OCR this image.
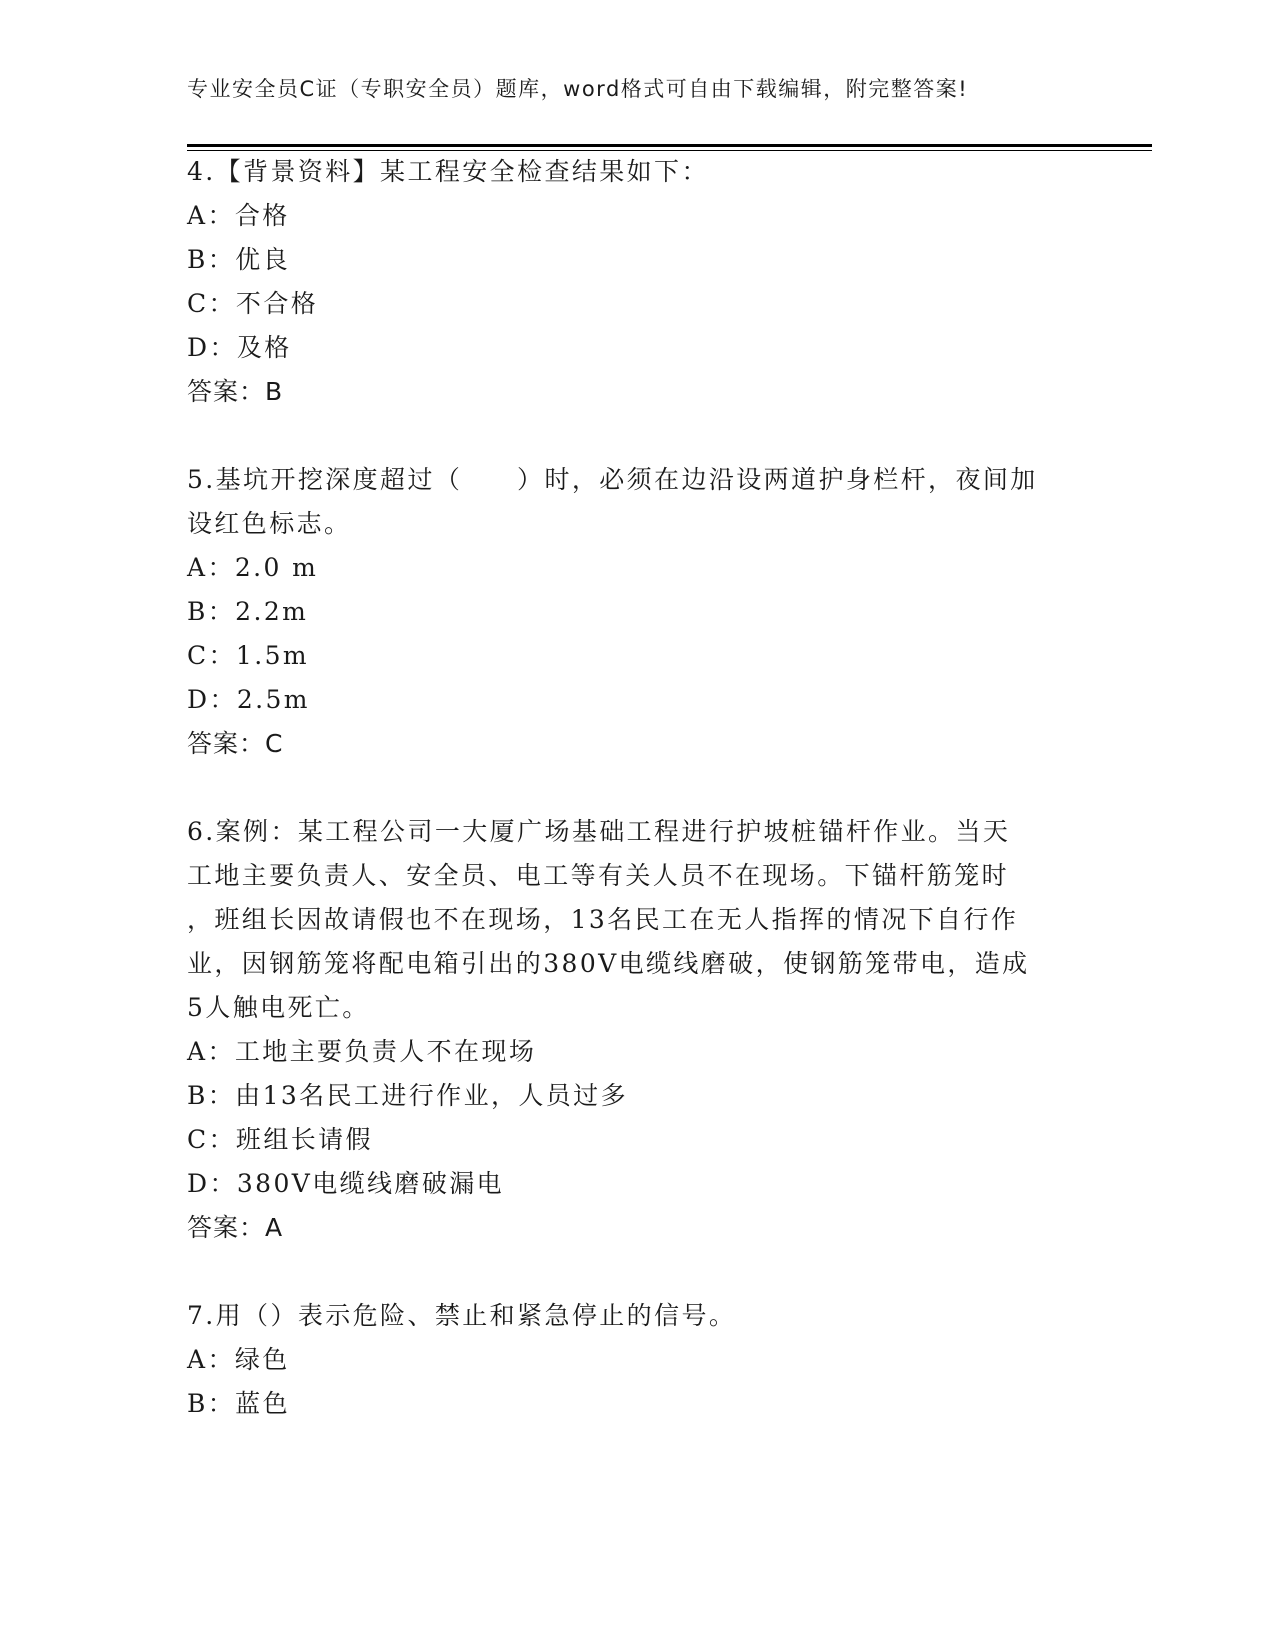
专业安全员C证（专职安全员）题库，word格式可自由下载编辑，附完整答案!
4.【背景资料】某工程安全检查结果如下：
A：合格
B：优良
C：不合格
D：及格
答案：B
5.基坑开挖深度超过（　　）时，必须在边沿设两道护身栏杆，夜间加
设红色标志。
A：2.0 m
B：2.2m
C：1.5m
D：2.5m
答案：C
6.案例：某工程公司一大厦广场基础工程进行护坡桩锚杆作业。当天
工地主要负责人、安全员、电工等有关人员不在现场。下锚杆筋笼时
，班组长因故请假也不在现场，13名民工在无人指挥的情况下自行作
业，因钢筋笼将配电箱引出的380V电缆线磨破，使钢筋笼带电，造成
5人触电死亡。
A：工地主要负责人不在现场
B：由13名民工进行作业，人员过多
C：班组长请假
D：380V电缆线磨破漏电
答案：A
7.用（）表示危险、禁止和紧急停止的信号。
A：绿色
B：蓝色
